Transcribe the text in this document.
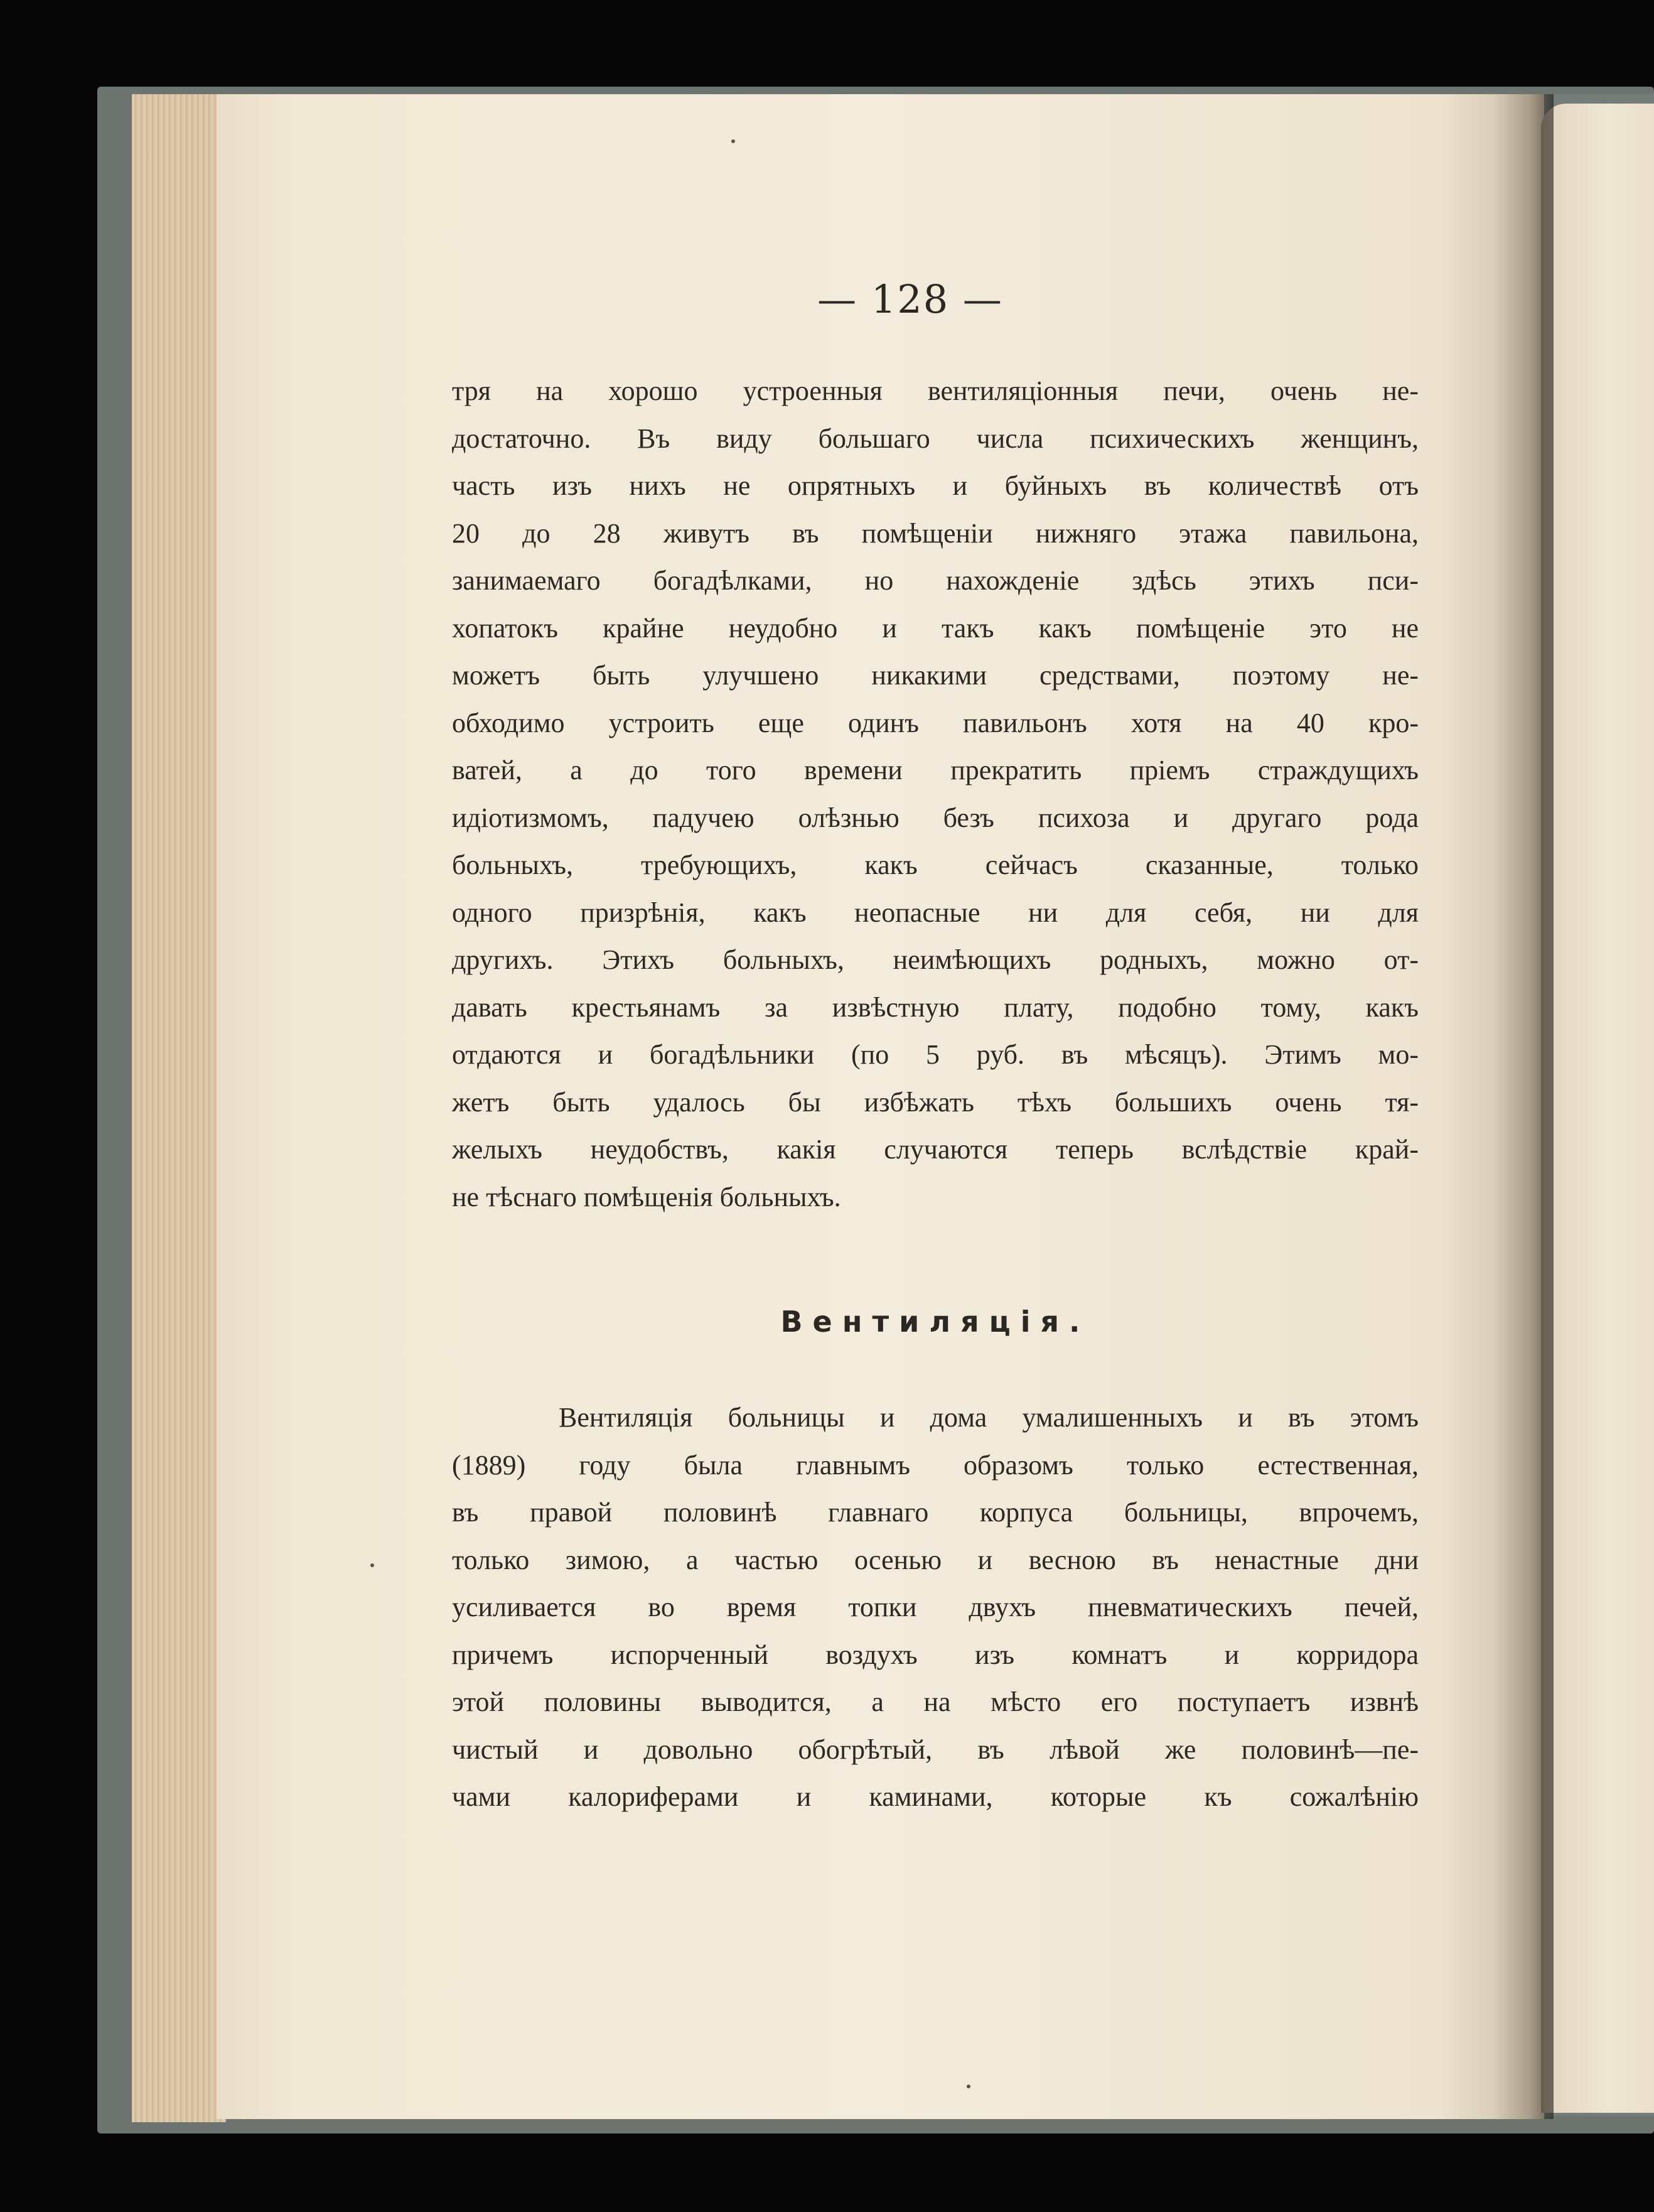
— 128 —
тря на хорошо устроенныя вентиляціонныя печи, очень не-
достаточно. Въ виду большаго числа психическихъ женщинъ,
часть изъ нихъ не опрятныхъ и буйныхъ въ количествѣ отъ
20 до 28 живутъ въ помѣщеніи нижняго этажа павильона,
занимаемаго богадѣлками, но нахожденіе здѣсь этихъ пси-
хопатокъ крайне неудобно и такъ какъ помѣщеніе это не
можетъ быть улучшено никакими средствами, поэтому не-
обходимо устроить еще одинъ павильонъ хотя на 40 кро-
ватей, а до того времени прекратить пріемъ страждущихъ
идіотизмомъ, падучею олѣзнью безъ психоза и другаго рода
больныхъ, требующихъ, какъ сейчасъ сказанные, только
одного призрѣнія, какъ неопасные ни для себя, ни для
другихъ. Этихъ больныхъ, неимѣющихъ родныхъ, можно от-
давать крестьянамъ за извѣстную плату, подобно тому, какъ
отдаются и богадѣльники (по 5 руб. въ мѣсяцъ). Этимъ мо-
жетъ быть удалось бы избѣжать тѣхъ большихъ очень тя-
желыхъ неудобствъ, какія случаются теперь вслѣдствіе край-
не тѣснаго помѣщенія больныхъ.
Вентиляція.
Вентиляція больницы и дома умалишенныхъ и въ этомъ
(1889) году была главнымъ образомъ только естественная,
въ правой половинѣ главнаго корпуса больницы, впрочемъ,
только зимою, а частью осенью и весною въ ненастные дни
усиливается во время топки двухъ пневматическихъ печей,
причемъ испорченный воздухъ изъ комнатъ и корридора
этой половины выводится, а на мѣсто его поступаетъ извнѣ
чистый и довольно обогрѣтый, въ лѣвой же половинѣ—пе-
чами калориферами и каминами, которые къ сожалѣнію
